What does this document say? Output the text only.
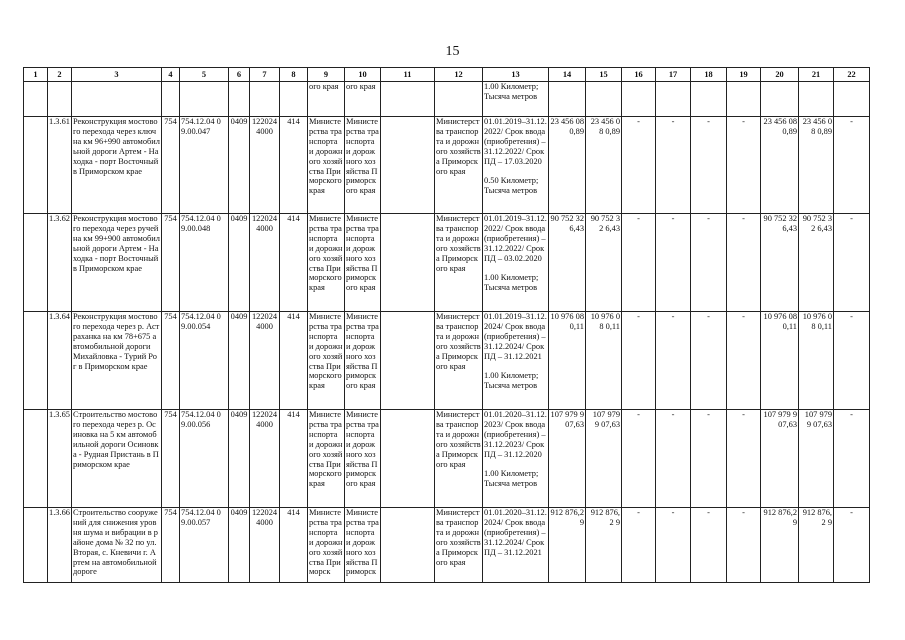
15
1	2	3	4	5	6	7	8	9	10	11	12	13	14	15	16	17	18	19	20	21	22
								ого края	ого края			1.00 Километр;
Тысяча метров									
	1.3.61	Реконструкция мостового перехода через ключ на км 96+990 автомобильной дороги Артем - Находка - порт Восточный в Приморском крае	754	754.12.04 09.00.047	0409	122024 4000	414	Министерства транспорта и дорожного хозяйства Приморского края	Министерства транспорта и дорожного хозяйства Приморского края		Министерства транспорта и дорожного хозяйства Приморского края	01.01.2019–31.12.2022/ Срок ввода (приобретения) – 31.12.2022/ Срок ПД – 17.03.2020

0.50 Километр;
Тысяча метров	23 456 08 0,89	23 456 08 0,89	-	-	-	-	23 456 08 0,89	23 456 08 0,89	-
	1.3.62	Реконструкция мостового перехода через ручей на км 99+900 автомобильной дороги Артем - Находка - порт Восточный в Приморском крае	754	754.12.04 09.00.048	0409	122024 4000	414	Министерства транспорта и дорожного хозяйства Приморского края	Министерства транспорта и дорожного хозяйства Приморского края		Министерства транспорта и дорожного хозяйства Приморского края	01.01.2019–31.12.2022/ Срок ввода (приобретения) – 31.12.2022/ Срок ПД – 03.02.2020

1.00 Километр;
Тысяча метров	90 752 32 6,43	90 752 32 6,43	-	-	-	-	90 752 32 6,43	90 752 32 6,43	-
	1.3.64	Реконструкция мостового перехода через р. Астраханка на км 78+675 автомобильной дороги Михайловка - Турий Рог в Приморском крае	754	754.12.04 09.00.054	0409	122024 4000	414	Министерства транспорта и дорожного хозяйства Приморского края	Министерства транспорта и дорожного хозяйства Приморского края		Министерства транспорта и дорожного хозяйства Приморского края	01.01.2019–31.12.2024/ Срок ввода (приобретения) – 31.12.2024/ Срок ПД – 31.12.2021

1.00 Километр;
Тысяча метров	10 976 08 0,11	10 976 08 0,11	-	-	-	-	10 976 08 0,11	10 976 08 0,11	-
	1.3.65	Строительство мостового перехода через р. Осиновка на 5 км автомобильной дороги Осиновка - Рудная Пристань в Приморском крае	754	754.12.04 09.00.056	0409	122024 4000	414	Министерства транспорта и дорожного хозяйства Приморского края	Министерства транспорта и дорожного хозяйства Приморского края		Министерства транспорта и дорожного хозяйства Приморского края	01.01.2020–31.12.2023/ Срок ввода (приобретения) – 31.12.2023/ Срок ПД – 31.12.2020

1.00 Километр;
Тысяча метров	107 979 9 07,63	107 979 9 07,63	-	-	-	-	107 979 9 07,63	107 979 9 07,63	-
	1.3.66	Строительство сооружений для снижения уровня шума и вибрации в районе дома № 32 по ул. Вторая, с. Кневичи г. Артем на автомобильной дороге	754	754.12.04 09.00.057	0409	122024 4000	414	Министерства транспорта и дорожного хозяйства Приморск	Министерства транспорта и дорожного хозяйства Приморск		Министерства транспорта и дорожного хозяйства Приморского края	01.01.2020–31.12.2024/ Срок ввода (приобретения) – 31.12.2024/ Срок ПД – 31.12.2021	912 876,2 9	912 876,2 9	-	-	-	-	912 876,2 9	912 876,2 9	-
